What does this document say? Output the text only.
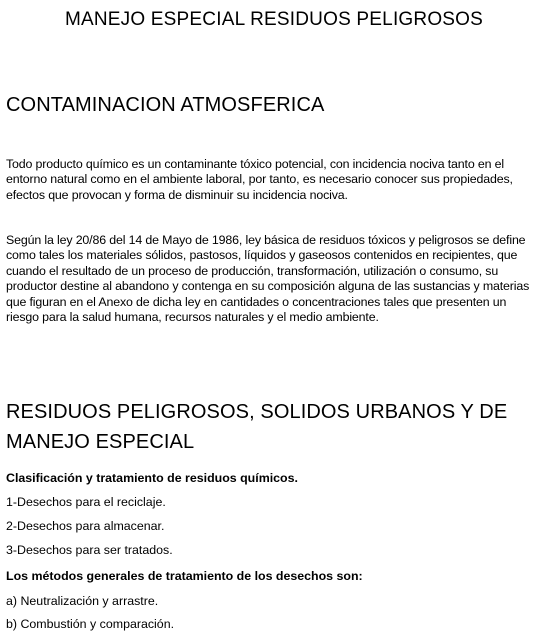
MANEJO ESPECIAL RESIDUOS PELIGROSOS
CONTAMINACION ATMOSFERICA

Todo producto químico es un contaminante tóxico potencial, con incidencia nociva tanto en el entorno natural como en el ambiente laboral, por tanto, es necesario conocer sus propiedades, efectos que provocan y forma de disminuir su incidencia nociva.

Según la ley 20/86 del 14 de Mayo de 1986, ley básica de residuos tóxicos y peligrosos se define como tales los materiales sólidos, pastosos, líquidos y gaseosos contenidos en recipientes, que cuando el resultado de un proceso de producción, transformación, utilización o consumo, su productor destine al abandono y contenga en su composición alguna de las sustancias y materias que figuran en el Anexo de dicha ley en cantidades o concentraciones tales que presenten un riesgo para la salud humana, recursos naturales y el medio ambiente.

RESIDUOS PELIGROSOS, SOLIDOS URBANOS Y DE MANEJO ESPECIAL

Clasificación y tratamiento de residuos químicos.

1-Desechos para el reciclaje.

2-Desechos para almacenar.

3-Desechos para ser tratados.

Los métodos generales de tratamiento de los desechos son:

a) Neutralización y arrastre.

b) Combustión y comparación.
